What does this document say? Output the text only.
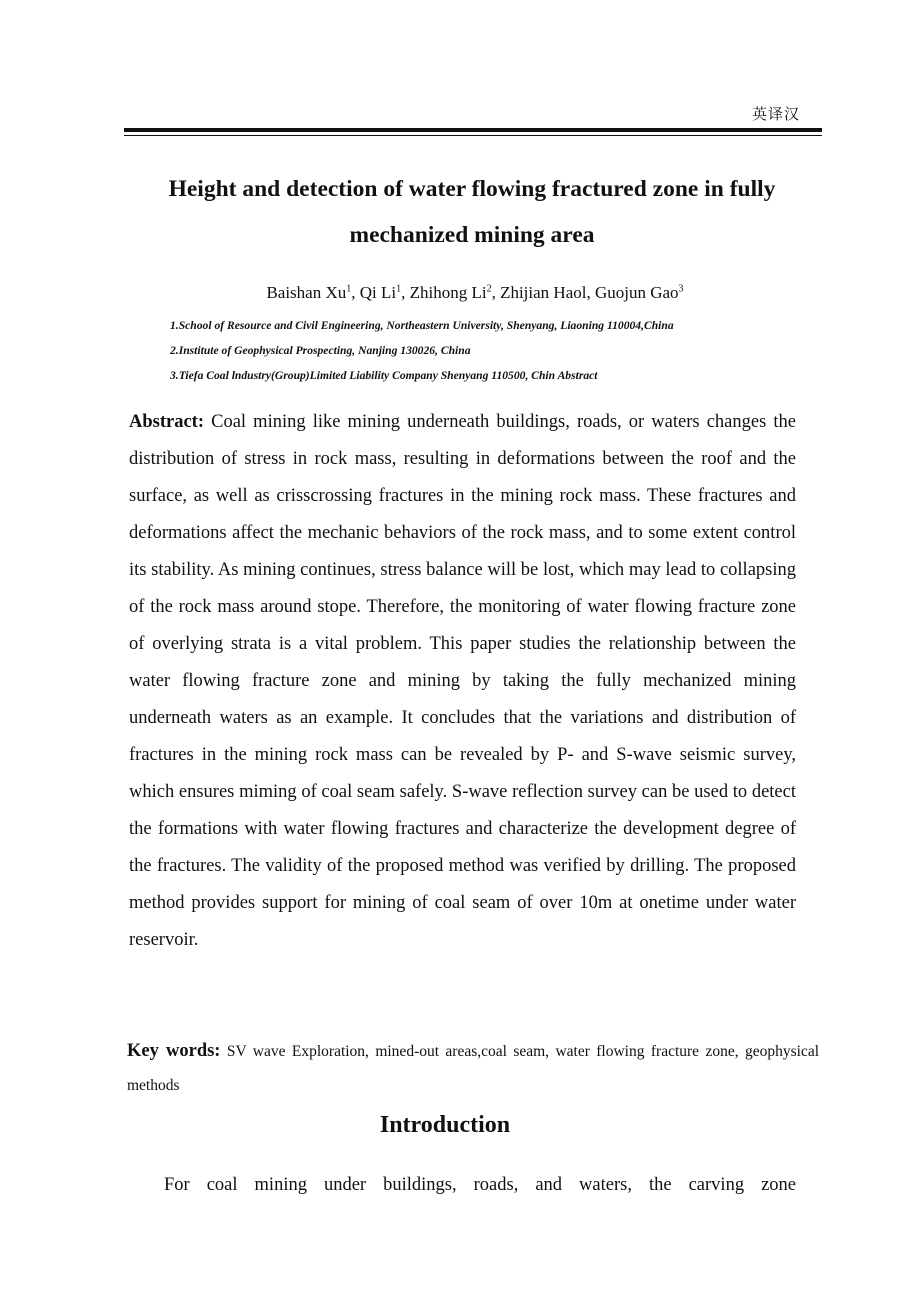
英译汉
Height and detection of water flowing fractured zone in fully mechanized mining area
Baishan Xu$^1$, Qi Li$^1$, Zhihong Li$^2$, Zhijian Haol, Guojun Gao$^3$
1.School of Resource and Civil Engineering, Northeastern University, Shenyang, Liaoning 110004,China
2.Institute of Geophysical Prospecting, Nanjing 130026, China
3.Tiefa Coal lndustry(Group)Limited Liability Company Shenyang 110500, Chin Abstract

Abstract: Coal mining like mining underneath buildings, roads, or waters changes the distribution of stress in rock mass, resulting in deformations between the roof and the surface, as well as crisscrossing fractures in the mining rock mass. These fractures and deformations affect the mechanic behaviors of the rock mass, and to some extent control its stability. As mining continues, stress balance will be lost, which may lead to collapsing of the rock mass around stope. Therefore, the monitoring of water flowing fracture zone of overlying strata is a vital problem. This paper studies the relationship between the water flowing fracture zone and mining by taking the fully mechanized mining underneath waters as an example. It concludes that the variations and distribution of fractures in the mining rock mass can be revealed by P- and S-wave seismic survey, which ensures miming of coal seam safely. S-wave reflection survey can be used to detect the formations with water flowing fractures and characterize the development degree of the fractures. The validity of the proposed method was verified by drilling. The proposed method provides support for mining of coal seam of over 10m at onetime under water reservoir.

Key words: SV wave Exploration, mined-out areas,coal seam, water flowing fracture zone, geophysical methods

Introduction

For coal mining under buildings, roads, and waters, the carving zone
